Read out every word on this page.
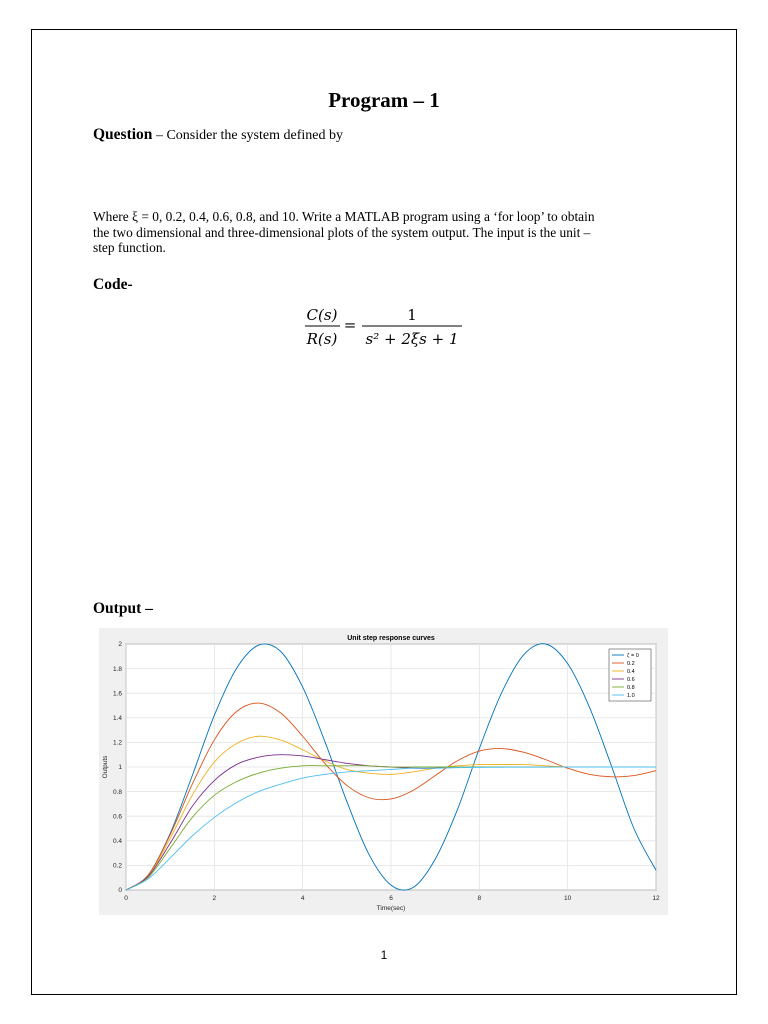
Program – 1
Question – Consider the system defined by
C(s)
R(s)
=
1
s² + 2ξs + 1
Where ξ = 0, 0.2, 0.4, 0.6, 0.8, and 10. Write a MATLAB program using a ‘for loop’ to obtain
the two dimensional and three-dimensional plots of the system output. The input is the unit –
step function.
Code-
Output –
0	2	4	6	8	10	12
0
0.2
0.4
0.6
0.8
1
1.2
1.4
1.6
1.8
2
Unit step response curves
Time(sec)
Outputs
ζ = 0
0.2
0.4
0.6
0.8
1.0
1
